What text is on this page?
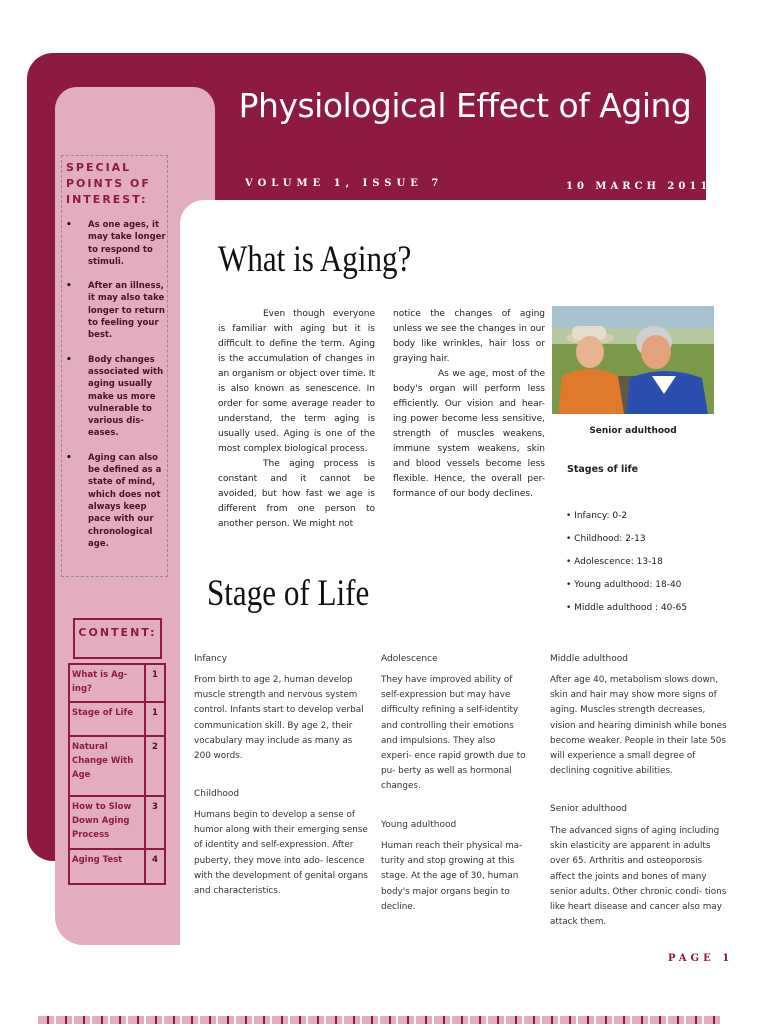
Physiological Effect of Aging
VOLUME 1, ISSUE 7	10 MARCH 2011
SPECIAL POINTS OF INTEREST:
• As one ages, it may take longer to respond to stimuli.
• After an illness, it may also take longer to return to feeling your best.
• Body changes associated with aging usually make us more vulnerable to various dis- eases.
• Aging can also be defined as a state of mind, which does not always keep pace with our chronological age.
CONTENT:
What is Ag- ing?	1
Stage of Life	1
Natural Change With Age	2
How to Slow Down Aging Process	3
Aging Test	4
What is Aging?

Even though everyone is familiar with aging but it is difficult to define the term. Aging is the accumulation of changes in an organism or object over time. It is also known as senescence. In order for some average reader to understand, the term aging is usually used. Aging is one of the most complex biological process.

The aging process is constant and it cannot be avoided, but how fast we age is different from one person to another person. We might not

notice the changes of aging unless we see the changes in our body like wrinkles, hair loss or graying hair.

As we age, most of the body's organ will perform less efficiently. Our vision and hear- ing power become less sensitive, strength of muscles weakens, immune system weakens, skin and blood vessels become less flexible. Hence, the overall per- formance of our body declines.

Senior adulthood
Stages of life
• Infancy: 0-2
• Childhood: 2-13
• Adolescence: 13-18
• Young adulthood: 18-40
• Middle adulthood : 40-65
Stage of Life
Infancy
From birth to age 2, human develop muscle strength and nervous system control. Infants start to develop verbal communication skill. By age 2, their vocabulary may include as many as 200 words.
Childhood
Humans begin to develop a sense of humor along with their emerging sense of identity and self-expression. After puberty, they move into ado- lescence with the development of genital organs and characteristics.
Adolescence
They have improved ability of self-expression but may have difficulty refining a self-identity and controlling their emotions and impulsions. They also experi- ence rapid growth due to pu- berty as well as hormonal changes.
Young adulthood
Human reach their physical ma- turity and stop growing at this stage. At the age of 30, human body's major organs begin to decline.
Middle adulthood
After age 40, metabolism slows down, skin and hair may show more signs of aging. Muscles strength decreases, vision and hearing diminish while bones become weaker. People in their late 50s will experience a small degree of declining cognitive abilities.
Senior adulthood
The advanced signs of aging including skin elasticity are apparent in adults over 65. Arthritis and osteoporosis affect the joints and bones of many senior adults. Other chronic condi- tions like heart disease and cancer also may attack them.
PAGE 1
